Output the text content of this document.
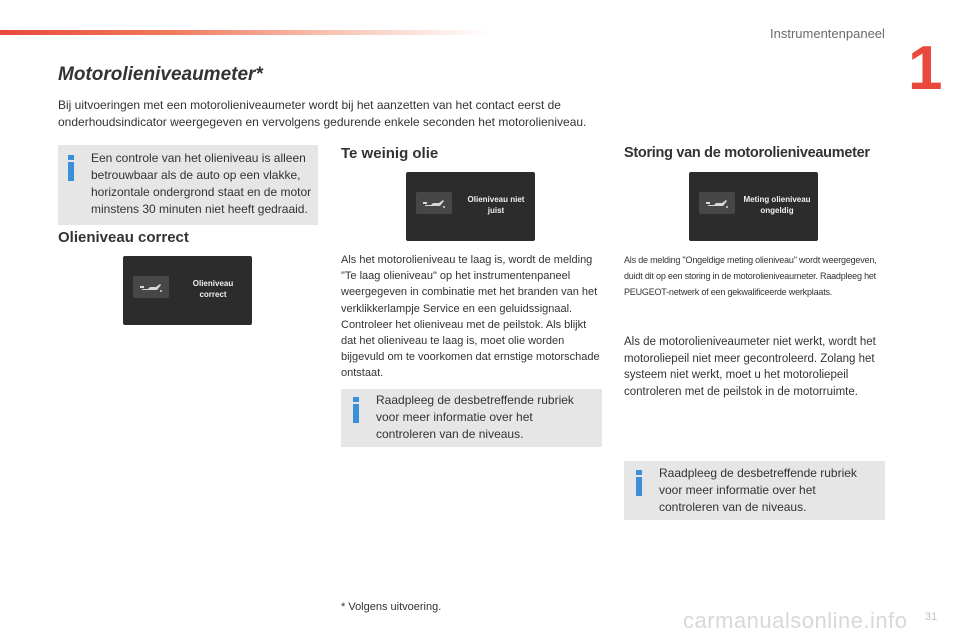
Instrumentenpaneel
1
Motorolieniveaumeter*
Bij uitvoeringen met een motorolieniveaumeter wordt bij het aanzetten van het contact eerst de onderhoudsindicator weergegeven en vervolgens gedurende enkele seconden het motorolieniveau.
Een controle van het olieniveau is alleen betrouwbaar als de auto op een vlakke, horizontale ondergrond staat en de motor minstens 30 minuten niet heeft gedraaid.
Olieniveau correct
Olieniveau
correct
Te weinig olie
Olieniveau niet
juist
Als het motorolieniveau te laag is, wordt de melding "Te laag olieniveau" op het instrumentenpaneel weergegeven in combinatie met het branden van het verklikkerlampje Service en een geluidssignaal. Controleer het olieniveau met de peilstok. Als blijkt dat het olieniveau te laag is, moet olie worden bijgevuld om te voorkomen dat ernstige motorschade ontstaat.
Raadpleeg de desbetreffende rubriek voor meer informatie over het controleren van de niveaus.
Storing van de motorolieniveaumeter
Meting olieniveau
ongeldig
Als de melding "Ongeldige meting olieniveau" wordt weergegeven, duidt dit op een storing in de motorolieniveaumeter. Raadpleeg het PEUGEOT-netwerk of een gekwalificeerde werkplaats.
Als de motorolieniveaumeter niet werkt, wordt het motoroliepeil niet meer gecontroleerd. Zolang het systeem niet werkt, moet u het motoroliepeil controleren met de peilstok in de motorruimte.
Raadpleeg de desbetreffende rubriek voor meer informatie over het controleren van de niveaus.
* Volgens uitvoering.
carmanualsonline.info 31
